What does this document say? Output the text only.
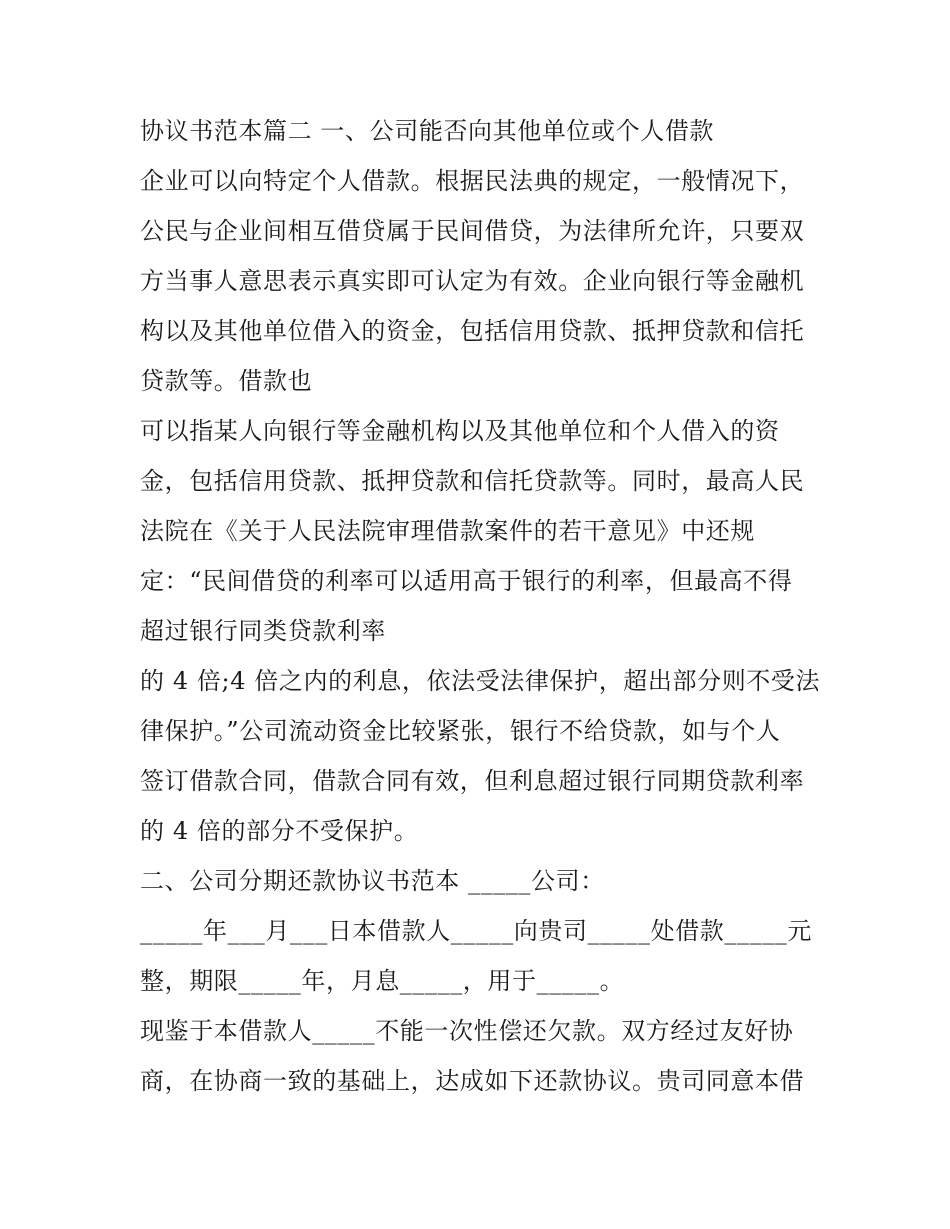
协议书范本篇二 一、公司能否向其他单位或个人借款
企业可以向特定个人借款。根据民法典的规定，一般情况下，
公民与企业间相互借贷属于民间借贷，为法律所允许，只要双
方当事人意思表示真实即可认定为有效。企业向银行等金融机
构以及其他单位借入的资金，包括信用贷款、抵押贷款和信托
贷款等。借款也
可以指某人向银行等金融机构以及其他单位和个人借入的资
金，包括信用贷款、抵押贷款和信托贷款等。同时，最高人民
法院在《关于人民法院审理借款案件的若干意见》中还规
定：“民间借贷的利率可以适用高于银行的利率，但最高不得
超过银行同类贷款利率
的 4 倍;4 倍之内的利息，依法受法律保护，超出部分则不受法
律保护。”公司流动资金比较紧张，银行不给贷款，如与个人
签订借款合同，借款合同有效，但利息超过银行同期贷款利率
的 4 倍的部分不受保护。
二、公司分期还款协议书范本 _____公司：
_____年___月___日本借款人_____向贵司_____处借款_____元
整，期限_____年，月息_____，用于_____。
现鉴于本借款人_____不能一次性偿还欠款。双方经过友好协
商，在协商一致的基础上，达成如下还款协议。贵司同意本借
